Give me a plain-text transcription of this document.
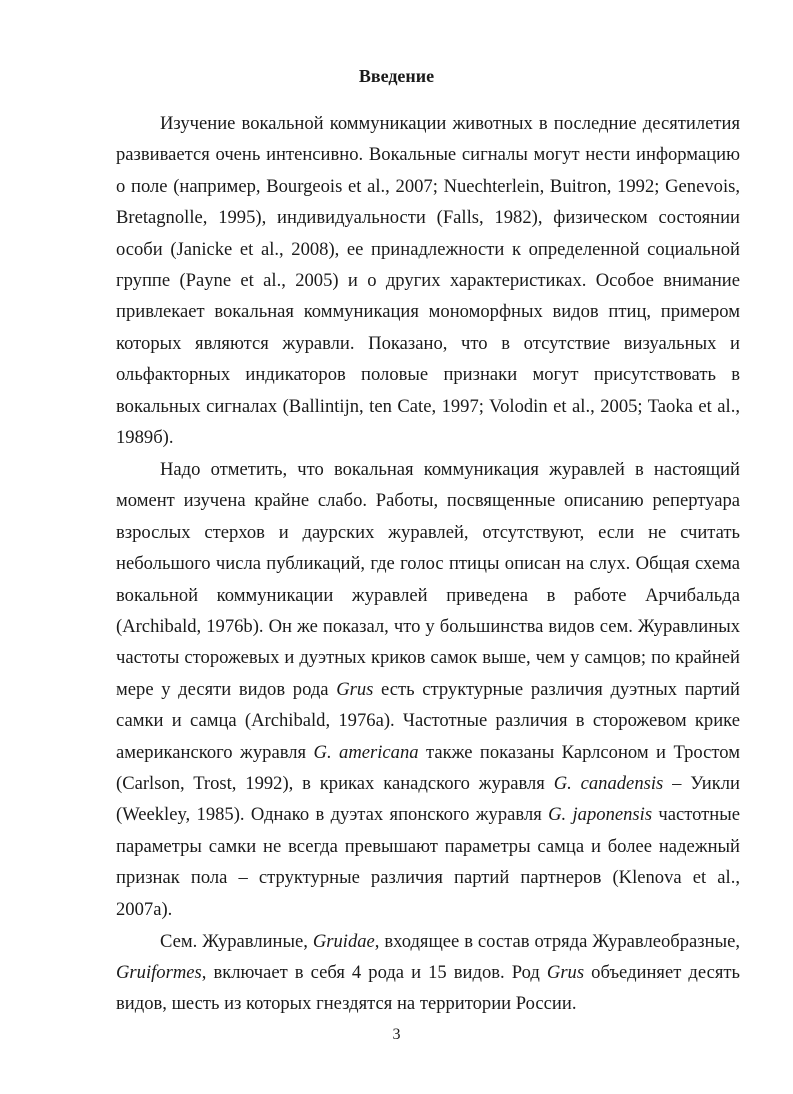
Введение

Изучение вокальной коммуникации животных в последние десятилетия развивается очень интенсивно. Вокальные сигналы могут нести информацию о поле (например, Bourgeois et al., 2007; Nuechterlein, Buitron, 1992; Genevois, Bretagnolle, 1995), индивидуальности (Falls, 1982), физическом состоянии особи (Janicke et al., 2008), ее принадлежности к определенной социальной группе (Payne et al., 2005) и о других характеристиках. Особое внимание привлекает вокальная коммуникация мономорфных видов птиц, примером которых являются журавли. Показано, что в отсутствие визуальных и ольфакторных индикаторов половые признаки могут присутствовать в вокальных сигналах (Ballintijn, ten Cate, 1997; Volodin et al., 2005; Taoka et al., 1989б).

Надо отметить, что вокальная коммуникация журавлей в настоящий момент изучена крайне слабо. Работы, посвященные описанию репертуара взрослых стерхов и даурских журавлей, отсутствуют, если не считать небольшого числа публикаций, где голос птицы описан на слух. Общая схема вокальной коммуникации журавлей приведена в работе Арчибальда (Archibald, 1976b). Он же показал, что у большинства видов сем. Журавлиных частоты сторожевых и дуэтных криков самок выше, чем у самцов; по крайней мере у десяти видов рода Grus есть структурные различия дуэтных партий самки и самца (Archibald, 1976а). Частотные различия в сторожевом крике американского журавля G. americana также показаны Карлсоном и Тростом (Carlson, Trost, 1992), в криках канадского журавля G. canadensis – Уикли (Weekley, 1985). Однако в дуэтах японского журавля G. japonensis частотные параметры самки не всегда превышают параметры самца и более надежный признак пола – структурные различия партий партнеров (Klenova et al., 2007а).

Сем. Журавлиные, Gruidae, входящее в состав отряда Журавлеобразные, Gruiformes, включает в себя 4 рода и 15 видов. Род Grus объединяет десять видов, шесть из которых гнездятся на территории России.

3
